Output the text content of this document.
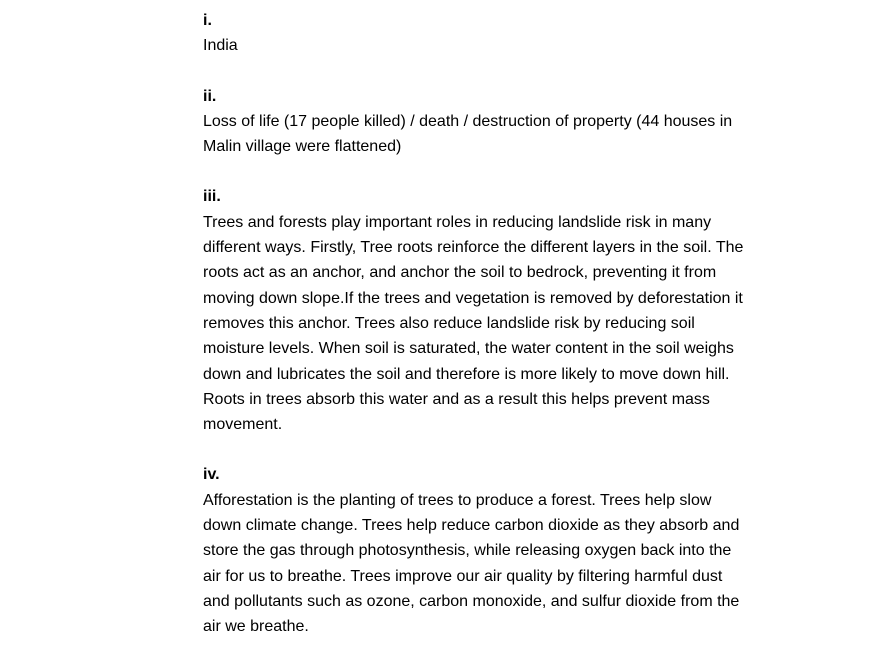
i.

India

ii.

Loss of life (17 people killed) / death / destruction of property (44 houses in Malin village were flattened)

iii.

Trees and forests play important roles in reducing landslide risk in many different ways. Firstly, Tree roots reinforce the different layers in the soil. The roots act as an anchor, and anchor the soil to bedrock, preventing it from moving down slope.If the trees and vegetation is removed by deforestation it removes this anchor. Trees also reduce landslide risk by reducing soil moisture levels. When soil is saturated, the water content in the soil weighs down and lubricates the soil and therefore is more likely to move down hill. Roots in trees absorb this water and as a result this helps prevent mass movement.

iv.

Afforestation is the planting of trees to produce a forest. Trees help slow down climate change. Trees help reduce carbon dioxide as they absorb and store the gas through photosynthesis, while releasing oxygen back into the air for us to breathe. Trees improve our air quality by filtering harmful dust and pollutants such as ozone, carbon monoxide, and sulfur dioxide from the air we breathe.
